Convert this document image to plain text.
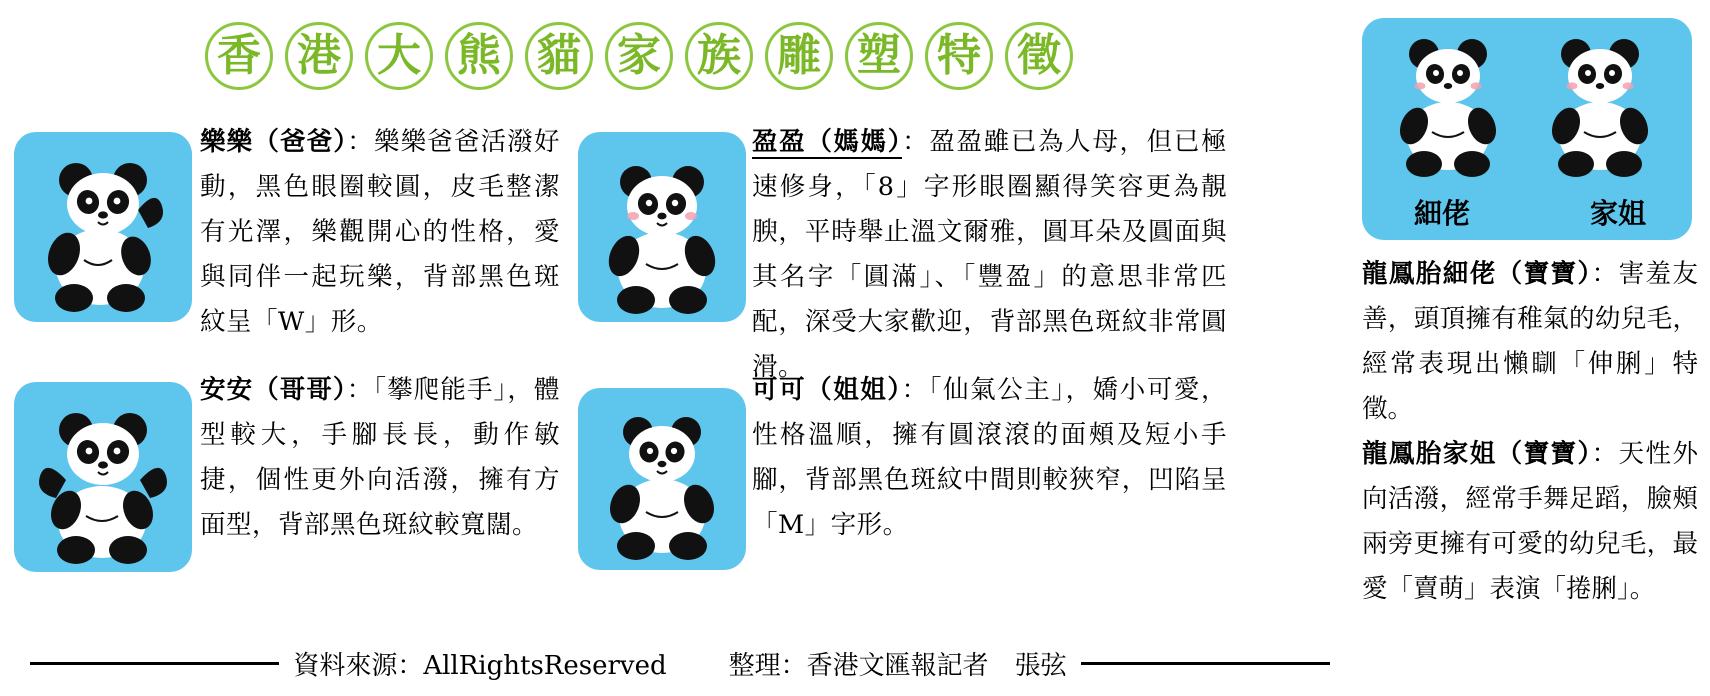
香 港 大 熊 貓 家 族 雕 塑 特 徵
樂樂（爸爸）：樂樂爸爸活潑好動，黑色眼圈較圓，皮毛整潔有光澤，樂觀開心的性格，愛與同伴一起玩樂，背部黑色斑紋呈「W」形。
盈盈（媽媽）：盈盈雖已為人母，但已極速修身，「8」字形眼圈顯得笑容更為靚腴，平時舉止溫文爾雅，圓耳朵及圓面與其名字「圓滿」、「豐盈」的意思非常匹配，深受大家歡迎，背部黑色斑紋非常圓滑。
安安（哥哥）：「攀爬能手」，體型較大，手腳長長，動作敏捷，個性更外向活潑，擁有方面型，背部黑色斑紋較寬闊。
可可（姐姐）：「仙氣公主」，嬌小可愛，性格溫順，擁有圓滾滾的面頰及短小手腳，背部黑色斑紋中間則較狹窄，凹陷呈「M」字形。
細佬	家姐
龍鳳胎細佬（寶寶）：害羞友善，頭頂擁有稚氣的幼兒毛，經常表現出懶瞓「伸脷」特徵。
龍鳳胎家姐（寶寶）：天性外向活潑，經常手舞足蹈，臉頰兩旁更擁有可愛的幼兒毛，最愛「賣萌」表演「捲脷」。
資料來源：AllRightsReserved	整理：香港文匯報記者　張弦
